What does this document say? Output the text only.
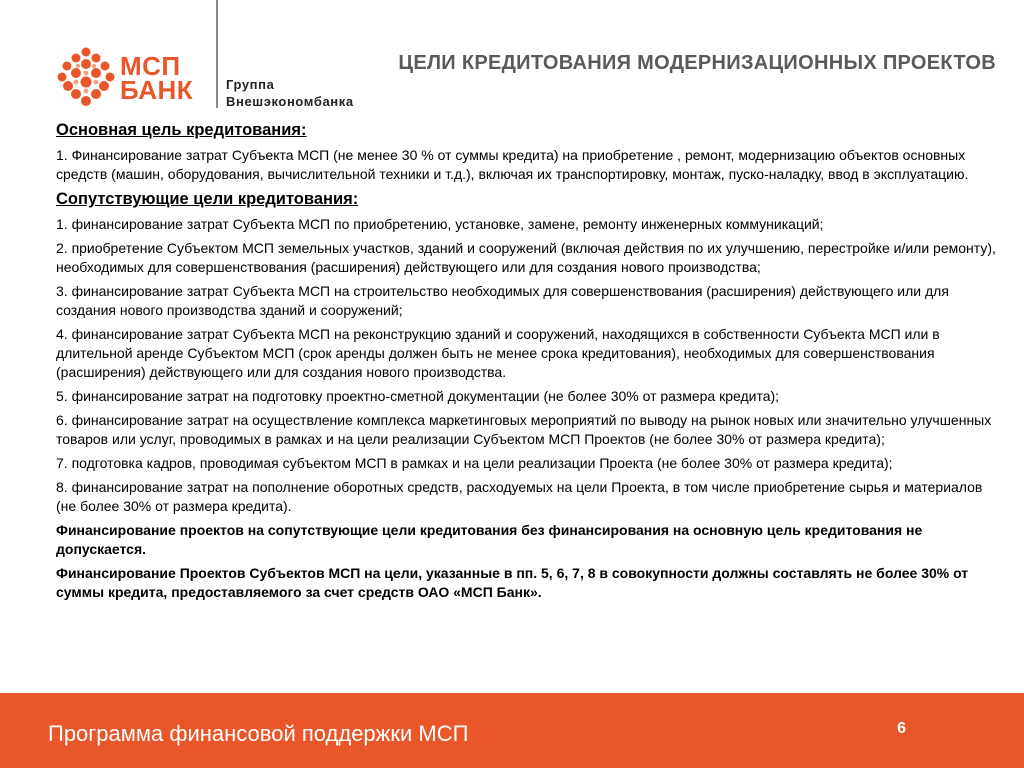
МСП
БАНК	Группа
Внешэкономбанка
ЦЕЛИ КРЕДИТОВАНИЯ МОДЕРНИЗАЦИОННЫХ ПРОЕКТОВ
Основная цель кредитования:
1. Финансирование затрат Субъекта МСП (не менее 30 % от суммы кредита) на приобретение , ремонт, модернизацию объектов основных средств (машин, оборудования, вычислительной техники и т.д.), включая их транспортировку, монтаж, пуско-наладку, ввод в эксплуатацию.
Сопутствующие цели кредитования:
1. финансирование затрат Субъекта МСП по приобретению, установке, замене, ремонту инженерных коммуникаций;
2. приобретение Субъектом МСП земельных участков, зданий и сооружений (включая действия по их улучшению, перестройке и/или ремонту), необходимых для совершенствования (расширения) действующего или для создания нового производства;
3. финансирование затрат Субъекта МСП на строительство необходимых для совершенствования (расширения) действующего или для создания нового производства зданий и сооружений;
4. финансирование затрат Субъекта МСП на реконструкцию зданий и сооружений, находящихся в собственности Субъекта МСП или в длительной аренде Субъектом МСП (срок аренды должен быть не менее срока кредитования), необходимых для совершенствования (расширения) действующего или для создания нового производства.
5. финансирование затрат на подготовку проектно-сметной документации (не более 30% от размера кредита);
6. финансирование затрат на осуществление комплекса маркетинговых мероприятий по выводу на рынок новых или значительно улучшенных товаров или услуг, проводимых в рамках и на цели реализации Субъектом МСП Проектов (не более 30% от размера кредита);
7. подготовка кадров, проводимая субъектом МСП в рамках и на цели реализации Проекта (не более 30% от размера кредита);
8. финансирование затрат на пополнение оборотных средств, расходуемых на цели Проекта, в том числе приобретение сырья и материалов (не более 30% от размера кредита).
Финансирование проектов на сопутствующие цели кредитования без финансирования на основную цель кредитования не допускается.
Финансирование Проектов Субъектов МСП на цели, указанные в пп. 5, 6, 7, 8 в совокупности должны составлять не более 30% от суммы кредита, предоставляемого за счет средств ОАО «МСП Банк».
Программа финансовой поддержки МСП	6
